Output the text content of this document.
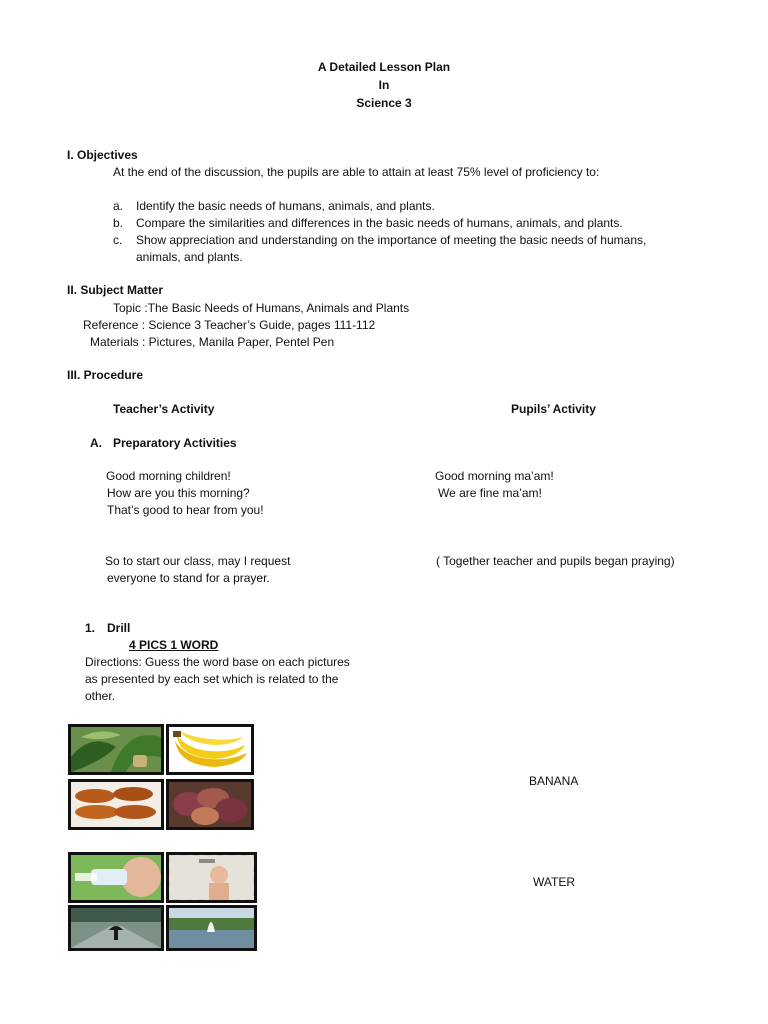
A Detailed Lesson Plan
In
Science 3
I. Objectives
At the end of the discussion, the pupils are able to attain at least 75% level of proficiency to:
a. Identify the basic needs of humans, animals, and plants.
b. Compare the similarities and differences in the basic needs of humans, animals, and plants.
c. Show appreciation and understanding on the importance of meeting the basic needs of humans,
animals, and plants.
II. Subject Matter
Topic :The Basic Needs of Humans, Animals and Plants
Reference : Science 3 Teacher’s Guide, pages 111-112
Materials : Pictures, Manila Paper, Pentel Pen
III. Procedure
Teacher’s Activity	Pupils’ Activity
A. Preparatory Activities
Good morning children!
How are you this morning?
That’s good to hear from you!
Good morning ma’am!
We are fine ma’am!
So to start our class, may I request
everyone to stand for a prayer.
( Together teacher and pupils began praying)
1. Drill
4 PICS 1 WORD
Directions: Guess the word base on each pictures
as presented by each set which is related to the
other.
BANANA
WATER
